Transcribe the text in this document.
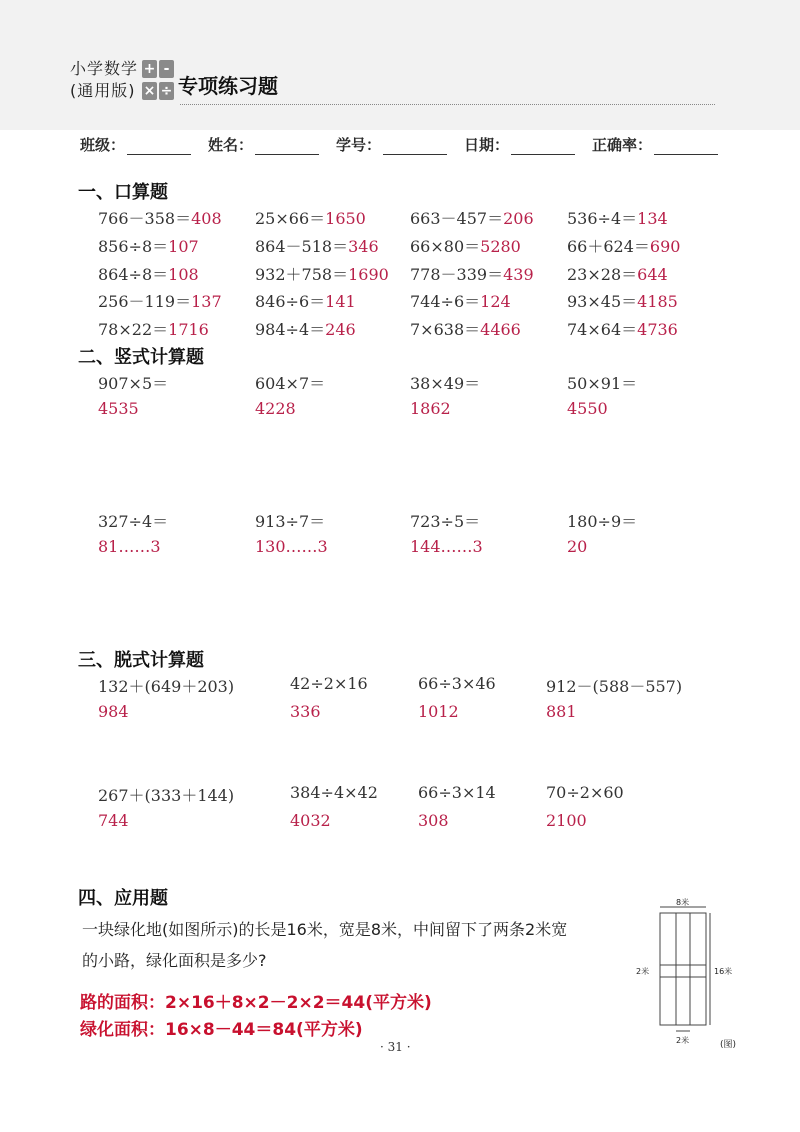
小学数学
(通用版)
+ -
× ÷ 专项练习题
班级：	姓名：	学号：	日期：	正确率：
一、口算题
766－358＝408 25×66＝1650	663－457＝206 536÷4＝134
856÷8＝107	864－518＝346 66×80＝5280	66＋624＝690
864÷8＝108	932＋758＝1690 778－339＝439 23×28＝644
256－119＝137 846÷6＝141	744÷6＝124	93×45＝4185
78×22＝1716	984÷4＝246	7×638＝4466	74×64＝4736
二、竖式计算题
907×5＝	604×7＝	38×49＝	50×91＝
4535	4228	1862	4550
327÷4＝	913÷7＝	723÷5＝	180÷9＝
81……3	130……3	144……3	20
三、脱式计算题
132＋(649＋203)	42÷2×16	66÷3×46	912－(588－557)
984	336	1012	881
267＋(333＋144)	384÷4×42	66÷3×14	70÷2×60
744	4032	308	2100
四、应用题
一块绿化地(如图所示)的长是16米，宽是8米，中间留下了两条2米宽
的小路，绿化面积是多少?
路的面积：2×16＋8×2－2×2＝44(平方米)
绿化面积：16×8－44＝84(平方米)
8米
2米	16米
2米	(图)
· 31 ·
